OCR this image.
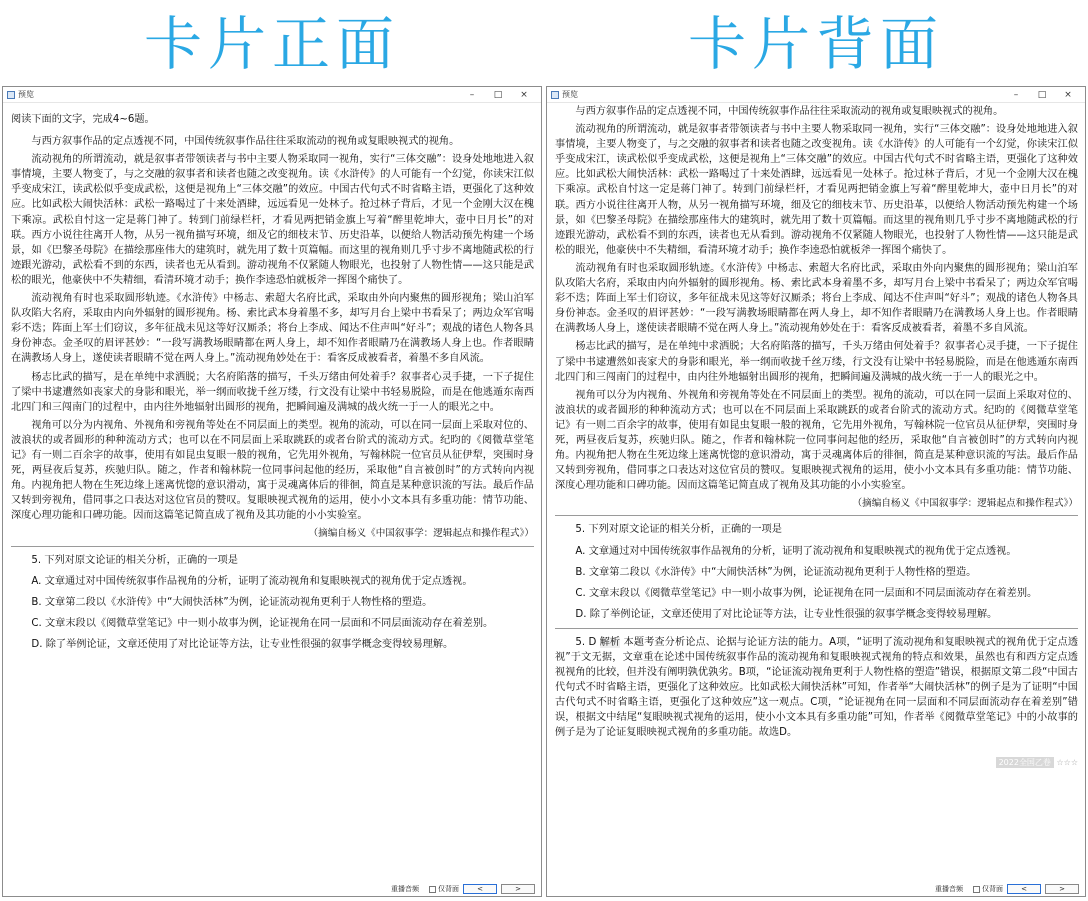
卡片正面	卡片背面
预览	–	□	×

阅读下面的文字，完成4~6题。

与西方叙事作品的定点透视不同，中国传统叙事作品往往采取流动的视角或复眼映视式的视角。

流动视角的所谓流动，就是叙事者带领读者与书中主要人物采取同一视角，实行“三体交融”：设身处地地进入叙事情境，主要人物变了，与之交融的叙事者和读者也随之改变视角。读《水浒传》的人可能有一个幻觉，你读宋江似乎变成宋江，读武松似乎变成武松，这便是视角上“三体交融”的效应。中国古代句式不时省略主语，更强化了这种效应。比如武松大闹快活林：武松一路喝过了十来处酒肆，远远看见一处林子。抢过林子背后，才见一个金刚大汉在槐下乘凉。武松自忖这一定是蒋门神了。转到门前绿栏杆，才看见两把销金旗上写着“醉里乾坤大，壶中日月长”的对联。西方小说往往离开人物，从另一视角描写环境，细及它的细枝末节、历史沿革，以便给人物活动预先构建一个场景，如《巴黎圣母院》在描绘那座伟大的建筑时，就先用了数十页篇幅。而这里的视角则几乎寸步不离地随武松的行迹跟光游动，武松看不到的东西，读者也无从看到。游动视角不仅紧随人物眼光，也投射了人物性情——这只能是武松的眼光，他豪侠中不失精细，看清环境才动手；换作李逵恐怕就板斧一挥图个痛快了。

流动视角有时也采取圆形轨迹。《水浒传》中杨志、索超大名府比武，采取由外向内聚焦的圆形视角；梁山泊军队攻陷大名府，采取由内向外辐射的圆形视角。杨、索比武本身着墨不多，却写月台上梁中书看呆了；两边众军官喝彩不迭；阵面上军士们窃议，多年征战未见这等好汉厮杀；将台上李成、闻达不住声叫“好斗”；观战的诸色人物各具身份神态。金圣叹的眉评甚妙：“一段写满教场眼睛都在两人身上，却不知作者眼睛乃在满教场人身上也。作者眼睛在满教场人身上，遂使读者眼睛不觉在两人身上。”流动视角妙处在于：看客反成被看者，着墨不多自风流。

杨志比武的描写，是在单纯中求洒脱；大名府陷落的描写，千头万绪由何处着手？叙事者心灵手捷，一下子捉住了梁中书逮遭然如丧家犬的身影和眼光，举一纲而收拢千丝万缕，行文没有让梁中书轻易脱险，而是在他逃遁东南西北四门和三闯南门的过程中，由内往外地辐射出圆形的视角，把瞬间遍及满城的战火统一于一人的眼光之中。

视角可以分为内视角、外视角和旁视角等处在不同层面上的类型。视角的流动，可以在同一层面上采取对位的、波浪状的或者圆形的种种流动方式；也可以在不同层面上采取跳跃的或者台阶式的流动方式。纪昀的《阅微草堂笔记》有一则二百余字的故事，使用有如昆虫复眼一般的视角，它先用外视角，写翰林院一位官员从征伊犁，突围时身死，两昼夜后复苏，疾驰归队。随之，作者和翰林院一位同事问起他的经历，采取他“自言被创时”的方式转向内视角。内视角把人物在生死边缘上迷离恍惚的意识滑动，寓于灵魂离体后的徘徊，简直是某种意识流的写法。最后作品又转到旁视角，借同事之口表达对这位官员的赞叹。复眼映视式视角的运用，使小小文本具有多重功能：情节功能、深度心理功能和口碑功能。因而这篇笔记简直成了视角及其功能的小小实验室。

（摘编自杨义《中国叙事学：逻辑起点和操作程式》）

5. 下列对原文论证的相关分析，正确的一项是

A. 文章通过对中国传统叙事作品视角的分析，证明了流动视角和复眼映视式的视角优于定点透视。

B. 文章第二段以《水浒传》中“大闹快活林”为例，论证流动视角更利于人物性格的塑造。

C. 文章末段以《阅微草堂笔记》中一则小故事为例，论证视角在同一层面和不同层面流动存在着差别。

D. 除了举例论证，文章还使用了对比论证等方法，让专业性很强的叙事学概念变得较易理解。

重播音频	仅背面	<	>
预览	–	□	×

与西方叙事作品的定点透视不同，中国传统叙事作品往往采取流动的视角或复眼映视式的视角。

流动视角的所谓流动，就是叙事者带领读者与书中主要人物采取同一视角，实行“三体交融”：设身处地地进入叙事情境，主要人物变了，与之交融的叙事者和读者也随之改变视角。读《水浒传》的人可能有一个幻觉，你读宋江似乎变成宋江，读武松似乎变成武松，这便是视角上“三体交融”的效应。中国古代句式不时省略主语，更强化了这种效应。比如武松大闹快活林：武松一路喝过了十来处酒肆，远远看见一处林子。抢过林子背后，才见一个金刚大汉在槐下乘凉。武松自忖这一定是蒋门神了。转到门前绿栏杆，才看见两把销金旗上写着“醉里乾坤大，壶中日月长”的对联。西方小说往往离开人物，从另一视角描写环境，细及它的细枝末节、历史沿革，以便给人物活动预先构建一个场景，如《巴黎圣母院》在描绘那座伟大的建筑时，就先用了数十页篇幅。而这里的视角则几乎寸步不离地随武松的行迹跟光游动，武松看不到的东西，读者也无从看到。游动视角不仅紧随人物眼光，也投射了人物性情——这只能是武松的眼光，他豪侠中不失精细，看清环境才动手；换作李逵恐怕就板斧一挥图个痛快了。

流动视角有时也采取圆形轨迹。《水浒传》中杨志、索超大名府比武，采取由外向内聚焦的圆形视角；梁山泊军队攻陷大名府，采取由内向外辐射的圆形视角。杨、索比武本身着墨不多，却写月台上梁中书看呆了；两边众军官喝彩不迭；阵面上军士们窃议，多年征战未见这等好汉厮杀；将台上李成、闻达不住声叫“好斗”；观战的诸色人物各具身份神态。金圣叹的眉评甚妙：“一段写满教场眼睛都在两人身上，却不知作者眼睛乃在满教场人身上也。作者眼睛在满教场人身上，遂使读者眼睛不觉在两人身上。”流动视角妙处在于：看客反成被看者，着墨不多自风流。

杨志比武的描写，是在单纯中求洒脱；大名府陷落的描写，千头万绪由何处着手？叙事者心灵手捷，一下子捉住了梁中书逮遭然如丧家犬的身影和眼光，举一纲而收拢千丝万缕，行文没有让梁中书轻易脱险，而是在他逃遁东南西北四门和三闯南门的过程中，由内往外地辐射出圆形的视角，把瞬间遍及满城的战火统一于一人的眼光之中。

视角可以分为内视角、外视角和旁视角等处在不同层面上的类型。视角的流动，可以在同一层面上采取对位的、波浪状的或者圆形的种种流动方式；也可以在不同层面上采取跳跃的或者台阶式的流动方式。纪昀的《阅微草堂笔记》有一则二百余字的故事，使用有如昆虫复眼一般的视角，它先用外视角，写翰林院一位官员从征伊犁，突围时身死，两昼夜后复苏，疾驰归队。随之，作者和翰林院一位同事问起他的经历，采取他“自言被创时”的方式转向内视角。内视角把人物在生死边缘上迷离恍惚的意识滑动，寓于灵魂离体后的徘徊，简直是某种意识流的写法。最后作品又转到旁视角，借同事之口表达对这位官员的赞叹。复眼映视式视角的运用，使小小文本具有多重功能：情节功能、深度心理功能和口碑功能。因而这篇笔记简直成了视角及其功能的小小实验室。

（摘编自杨义《中国叙事学：逻辑起点和操作程式》）

5. 下列对原文论证的相关分析，正确的一项是

A. 文章通过对中国传统叙事作品视角的分析，证明了流动视角和复眼映视式的视角优于定点透视。

B. 文章第二段以《水浒传》中“大闹快活林”为例，论证流动视角更利于人物性格的塑造。

C. 文章末段以《阅微草堂笔记》中一则小故事为例，论证视角在同一层面和不同层面流动存在着差别。

D. 除了举例论证，文章还使用了对比论证等方法，让专业性很强的叙事学概念变得较易理解。

5. D 解析 本题考查分析论点、论据与论证方法的能力。A项，“证明了流动视角和复眼映视式的视角优于定点透视”于文无据，文章重在论述中国传统叙事作品的流动视角和复眼映视式视角的特点和效果，虽然也有和西方定点透视视角的比较，但并没有阐明孰优孰劣。B项，“论证流动视角更利于人物性格的塑造”错误，根据原文第二段“中国古代句式不时省略主语，更强化了这种效应。比如武松大闹快活林”可知，作者举“大闹快活林”的例子是为了证明“中国古代句式不时省略主语，更强化了这种效应”这一观点。C项，“论证视角在同一层面和不同层面流动存在着差别”错误，根据文中结尾“复眼映视式视角的运用，使小小文本具有多重功能”可知，作者举《阅微草堂笔记》中的小故事的例子是为了论证复眼映视式视角的多重功能。故选D。

2022全国乙卷 ☆☆☆
重播音频	仅背面	<	>
